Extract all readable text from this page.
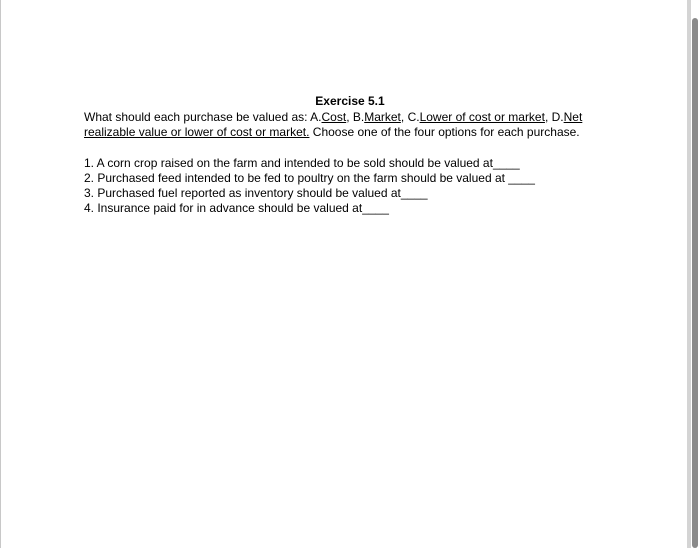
Exercise 5.1

What should each purchase be valued as: A.Cost, B.Market, C.Lower of cost or market, D.Net realizable value or lower of cost or market. Choose one of the four options for each purchase.

1. A corn crop raised on the farm and intended to be sold should be valued at____

2. Purchased feed intended to be fed to poultry on the farm should be valued at ____

3. Purchased fuel reported as inventory should be valued at____

4. Insurance paid for in advance should be valued at____
